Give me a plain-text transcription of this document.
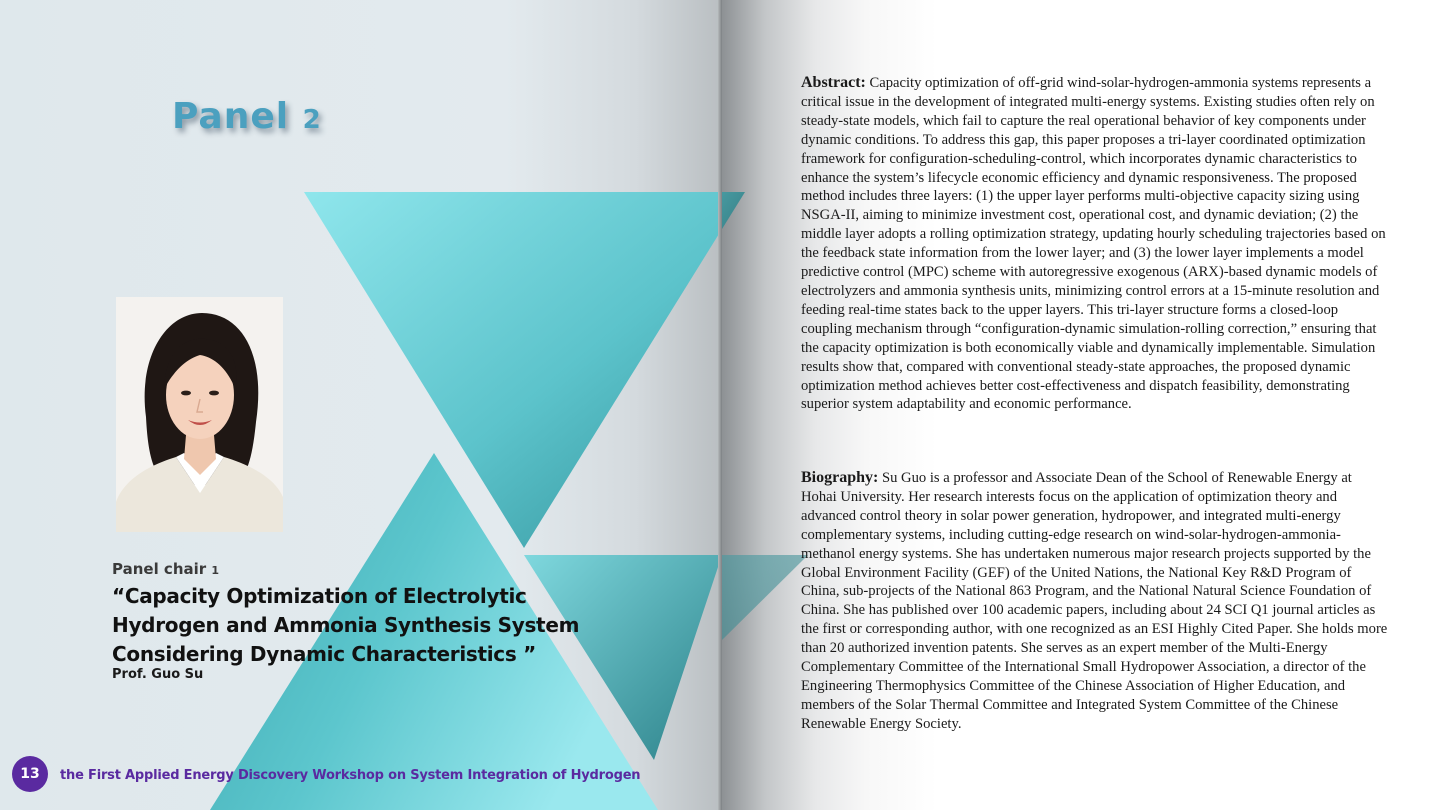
Panel 2
Panel chair 1
“Capacity Optimization of Electrolytic Hydrogen and Ammonia Synthesis System Considering Dynamic Characteristics ”
Prof. Guo Su
13	the First Applied Energy Discovery Workshop on System Integration of Hydrogen

Abstract: Capacity optimization of off-grid wind-solar-hydrogen-ammonia systems represents a critical issue in the development of integrated multi-energy systems. Existing studies often rely on steady-state models, which fail to capture the real operational behavior of key components under dynamic conditions. To address this gap, this paper proposes a tri-layer coordinated optimization framework for configuration-scheduling-control, which incorporates dynamic characteristics to enhance the system’s lifecycle economic efficiency and dynamic responsiveness. The proposed method includes three layers: (1) the upper layer performs multi-objective capacity sizing using NSGA-II, aiming to minimize investment cost, operational cost, and dynamic deviation; (2) the middle layer adopts a rolling optimization strategy, updating hourly scheduling trajectories based on the feedback state information from the lower layer; and (3) the lower layer implements a model predictive control (MPC) scheme with autoregressive exogenous (ARX)-based dynamic models of electrolyzers and ammonia synthesis units, minimizing control errors at a 15-minute resolution and feeding real-time states back to the upper layers. This tri-layer structure forms a closed-loop coupling mechanism through “configuration-dynamic simulation-rolling correction,” ensuring that the capacity optimization is both economically viable and dynamically implementable. Simulation results show that, compared with conventional steady-state approaches, the proposed dynamic optimization method achieves better cost-effectiveness and dispatch feasibility, demonstrating superior system adaptability and economic performance.

Biography: Su Guo is a professor and Associate Dean of the School of Renewable Energy at Hohai University. Her research interests focus on the application of optimization theory and advanced control theory in solar power generation, hydropower, and integrated multi-energy complementary systems, including cutting-edge research on wind-solar-hydrogen-ammonia-methanol energy systems. She has undertaken numerous major research projects supported by the Global Environment Facility (GEF) of the United Nations, the National Key R&D Program of China, sub-projects of the National 863 Program, and the National Natural Science Foundation of China. She has published over 100 academic papers, including about 24 SCI Q1 journal articles as the first or corresponding author, with one recognized as an ESI Highly Cited Paper. She holds more than 20 authorized invention patents. She serves as an expert member of the Multi-Energy Complementary Committee of the International Small Hydropower Association, a director of the Engineering Thermophysics Committee of the Chinese Association of Higher Education, and members of the Solar Thermal Committee and Integrated System Committee of the Chinese Renewable Energy Society.
